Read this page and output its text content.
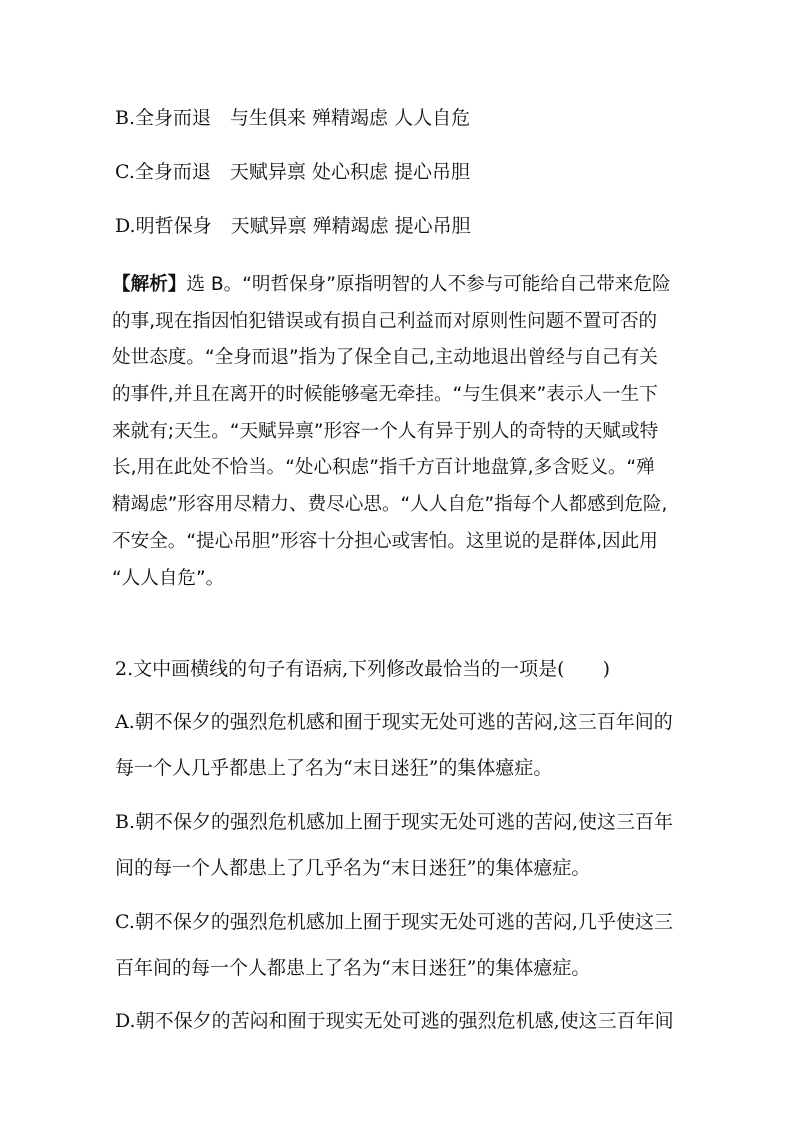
B.全身而退　与生俱来 殚精竭虑 人人自危
C.全身而退　天赋异禀 处心积虑 提心吊胆
D.明哲保身　天赋异禀 殚精竭虑 提心吊胆
【解析】选 B。“明哲保身”原指明智的人不参与可能给自己带来危险
的事,现在指因怕犯错误或有损自己利益而对原则性问题不置可否的
处世态度。“全身而退”指为了保全自己,主动地退出曾经与自己有关
的事件,并且在离开的时候能够毫无牵挂。“与生俱来”表示人一生下
来就有;天生。“天赋异禀”形容一个人有异于别人的奇特的天赋或特
长,用在此处不恰当。“处心积虑”指千方百计地盘算,多含贬义。“殚
精竭虑”形容用尽精力、费尽心思。“人人自危”指每个人都感到危险,
不安全。“提心吊胆”形容十分担心或害怕。这里说的是群体,因此用
“人人自危”。
2.文中画横线的句子有语病,下列修改最恰当的一项是(　　)
A.朝不保夕的强烈危机感和囿于现实无处可逃的苦闷,这三百年间的
每一个人几乎都患上了名为“末日迷狂”的集体癔症。
B.朝不保夕的强烈危机感加上囿于现实无处可逃的苦闷,使这三百年
间的每一个人都患上了几乎名为“末日迷狂”的集体癔症。
C.朝不保夕的强烈危机感加上囿于现实无处可逃的苦闷,几乎使这三
百年间的每一个人都患上了名为“末日迷狂”的集体癔症。
D.朝不保夕的苦闷和囿于现实无处可逃的强烈危机感,使这三百年间
